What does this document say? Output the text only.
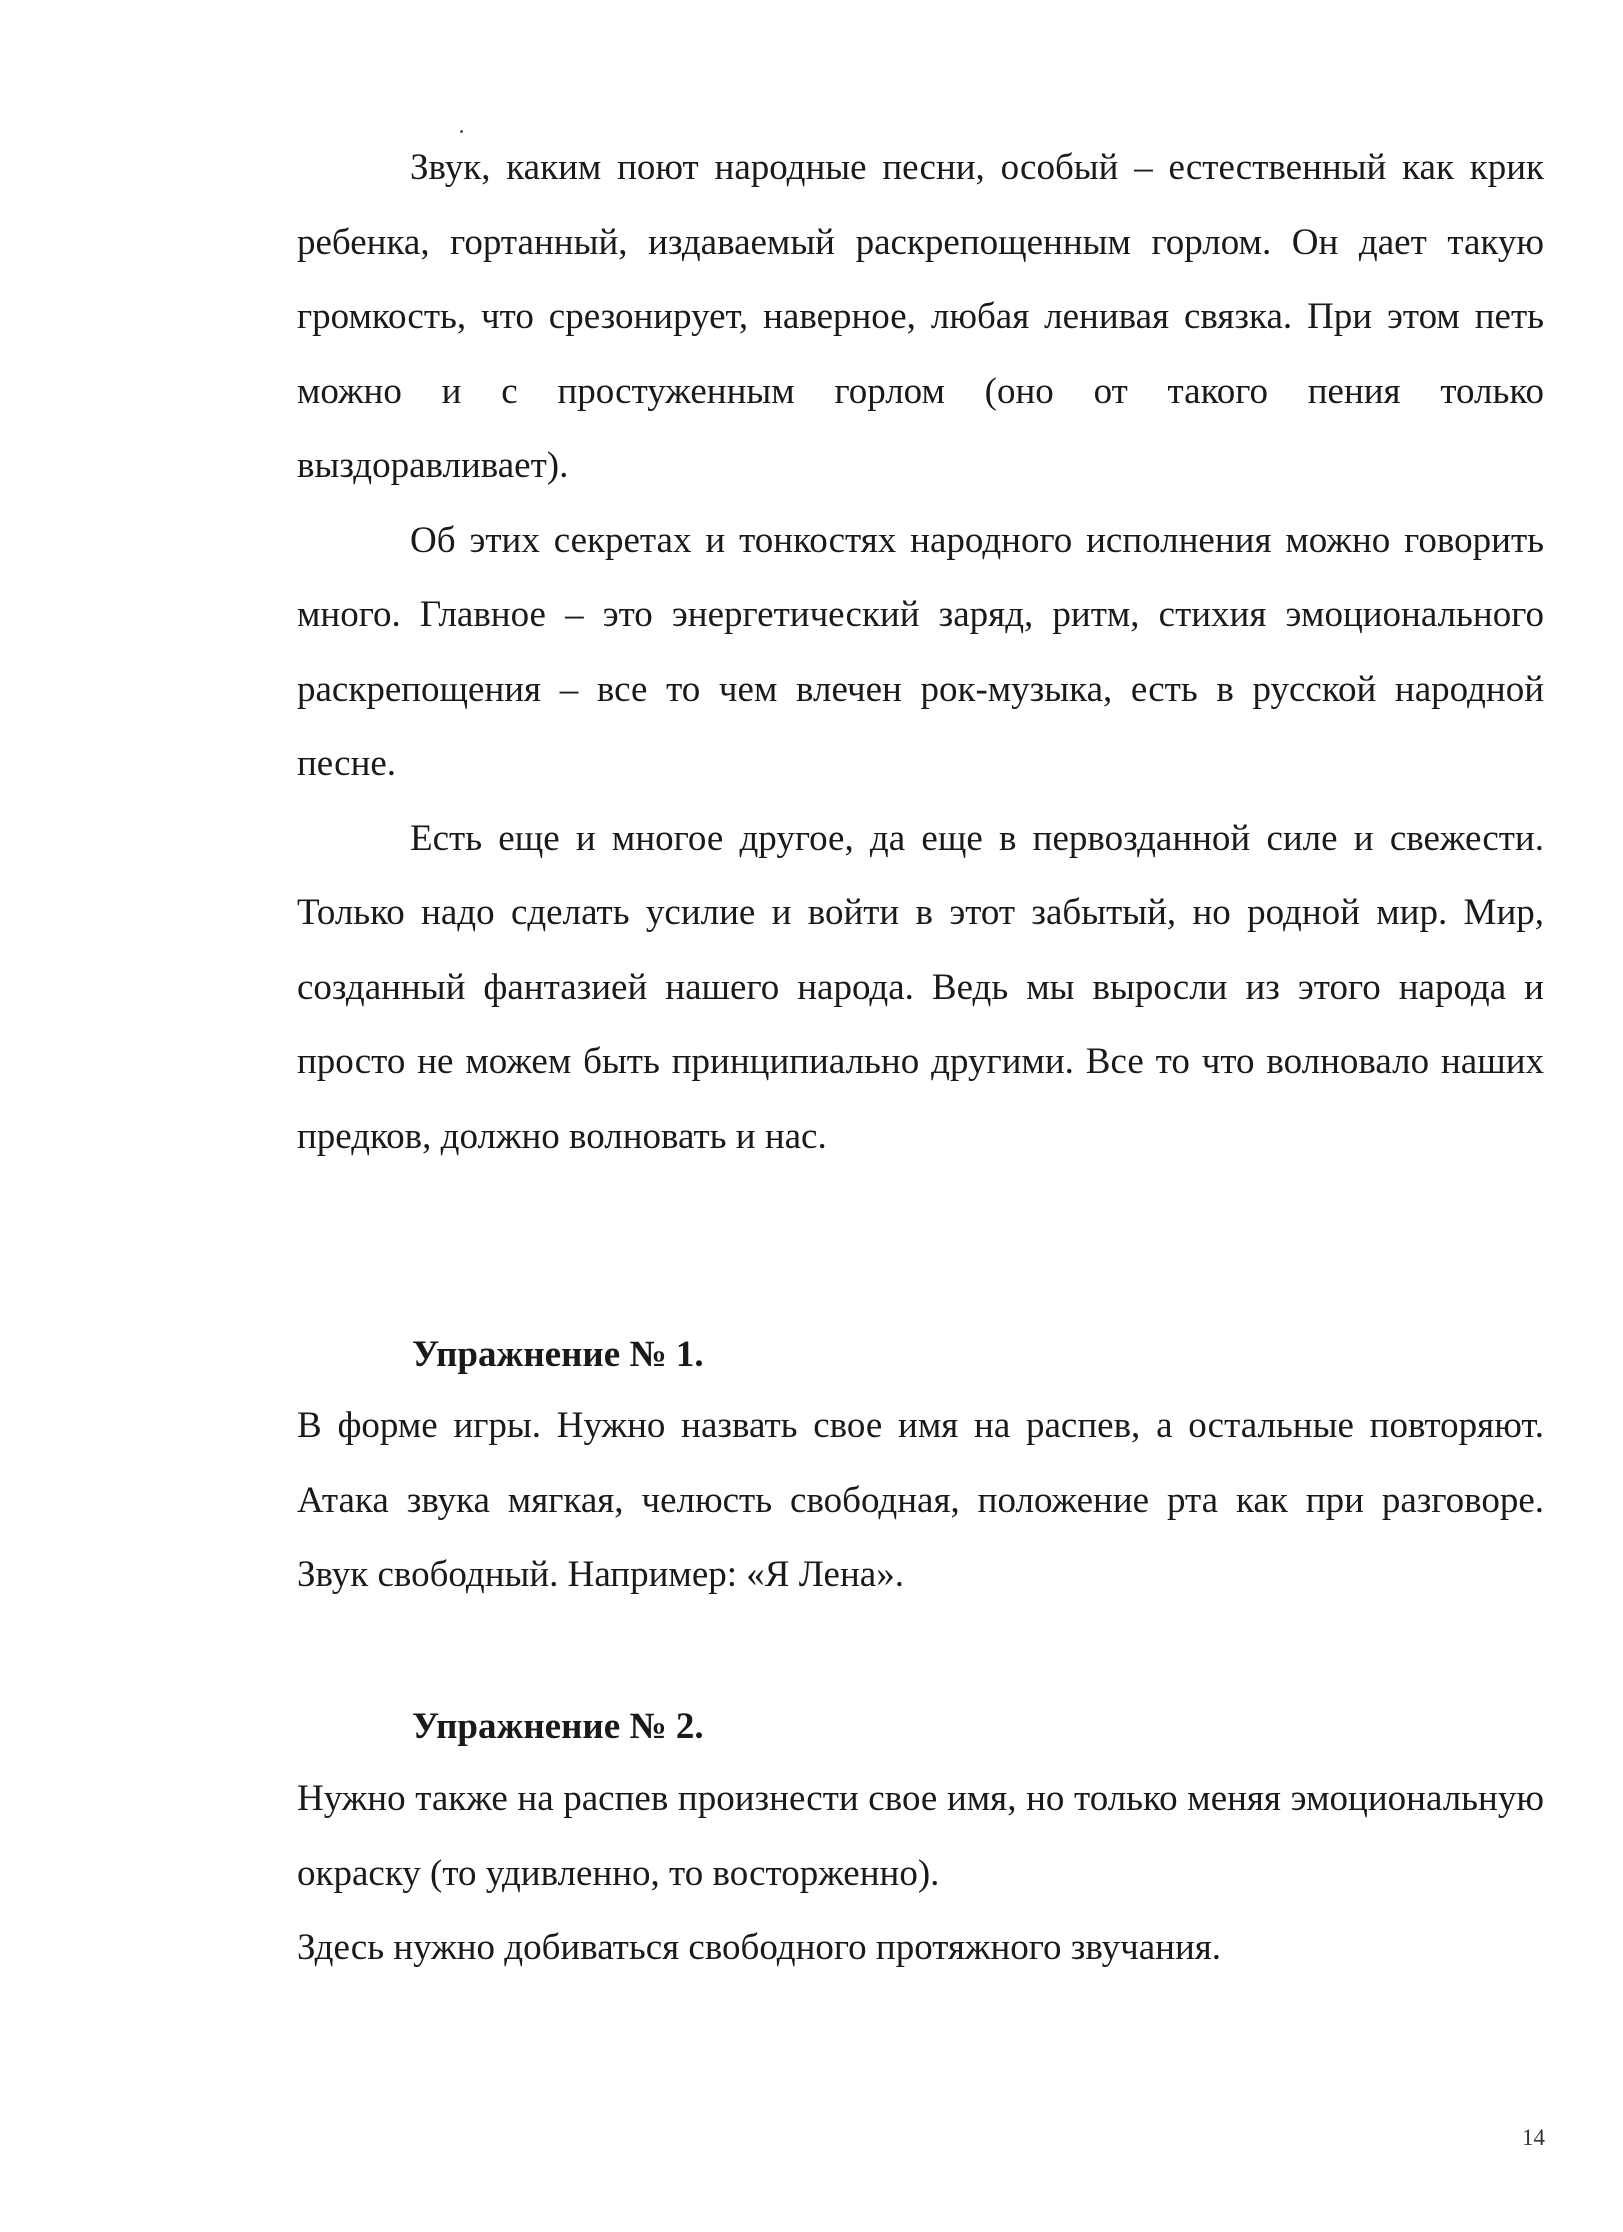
Звук, каким поют народные песни, особый – естественный как крик ребенка, гортанный, издаваемый раскрепощенным горлом. Он дает такую громкость, что срезонирует, наверное, любая ленивая связка. При этом петь можно и с простуженным горлом (оно от такого пения только выздоравливает).

Об этих секретах и тонкостях народного исполнения можно говорить много. Главное – это энергетический заряд, ритм, стихия эмоционального раскрепощения – все то чем влечен рок-музыка, есть в русской народной песне.

Есть еще и многое другое, да еще в первозданной силе и свежести. Только надо сделать усилие и войти в этот забытый, но родной мир. Мир, созданный фантазией нашего народа. Ведь мы выросли из этого народа и просто не можем быть принципиально другими. Все то что волновало наших предков, должно волновать и нас.

Упражнение № 1.

В форме игры. Нужно назвать свое имя на распев, а остальные повторяют. Атака звука мягкая, челюсть свободная, положение рта как при разговоре. Звук свободный. Например: «Я Лена».

Упражнение № 2.

Нужно также на распев произнести свое имя, но только меняя эмоциональную окраску (то удивленно, то восторженно).

Здесь нужно добиваться свободного протяжного звучания.

14
